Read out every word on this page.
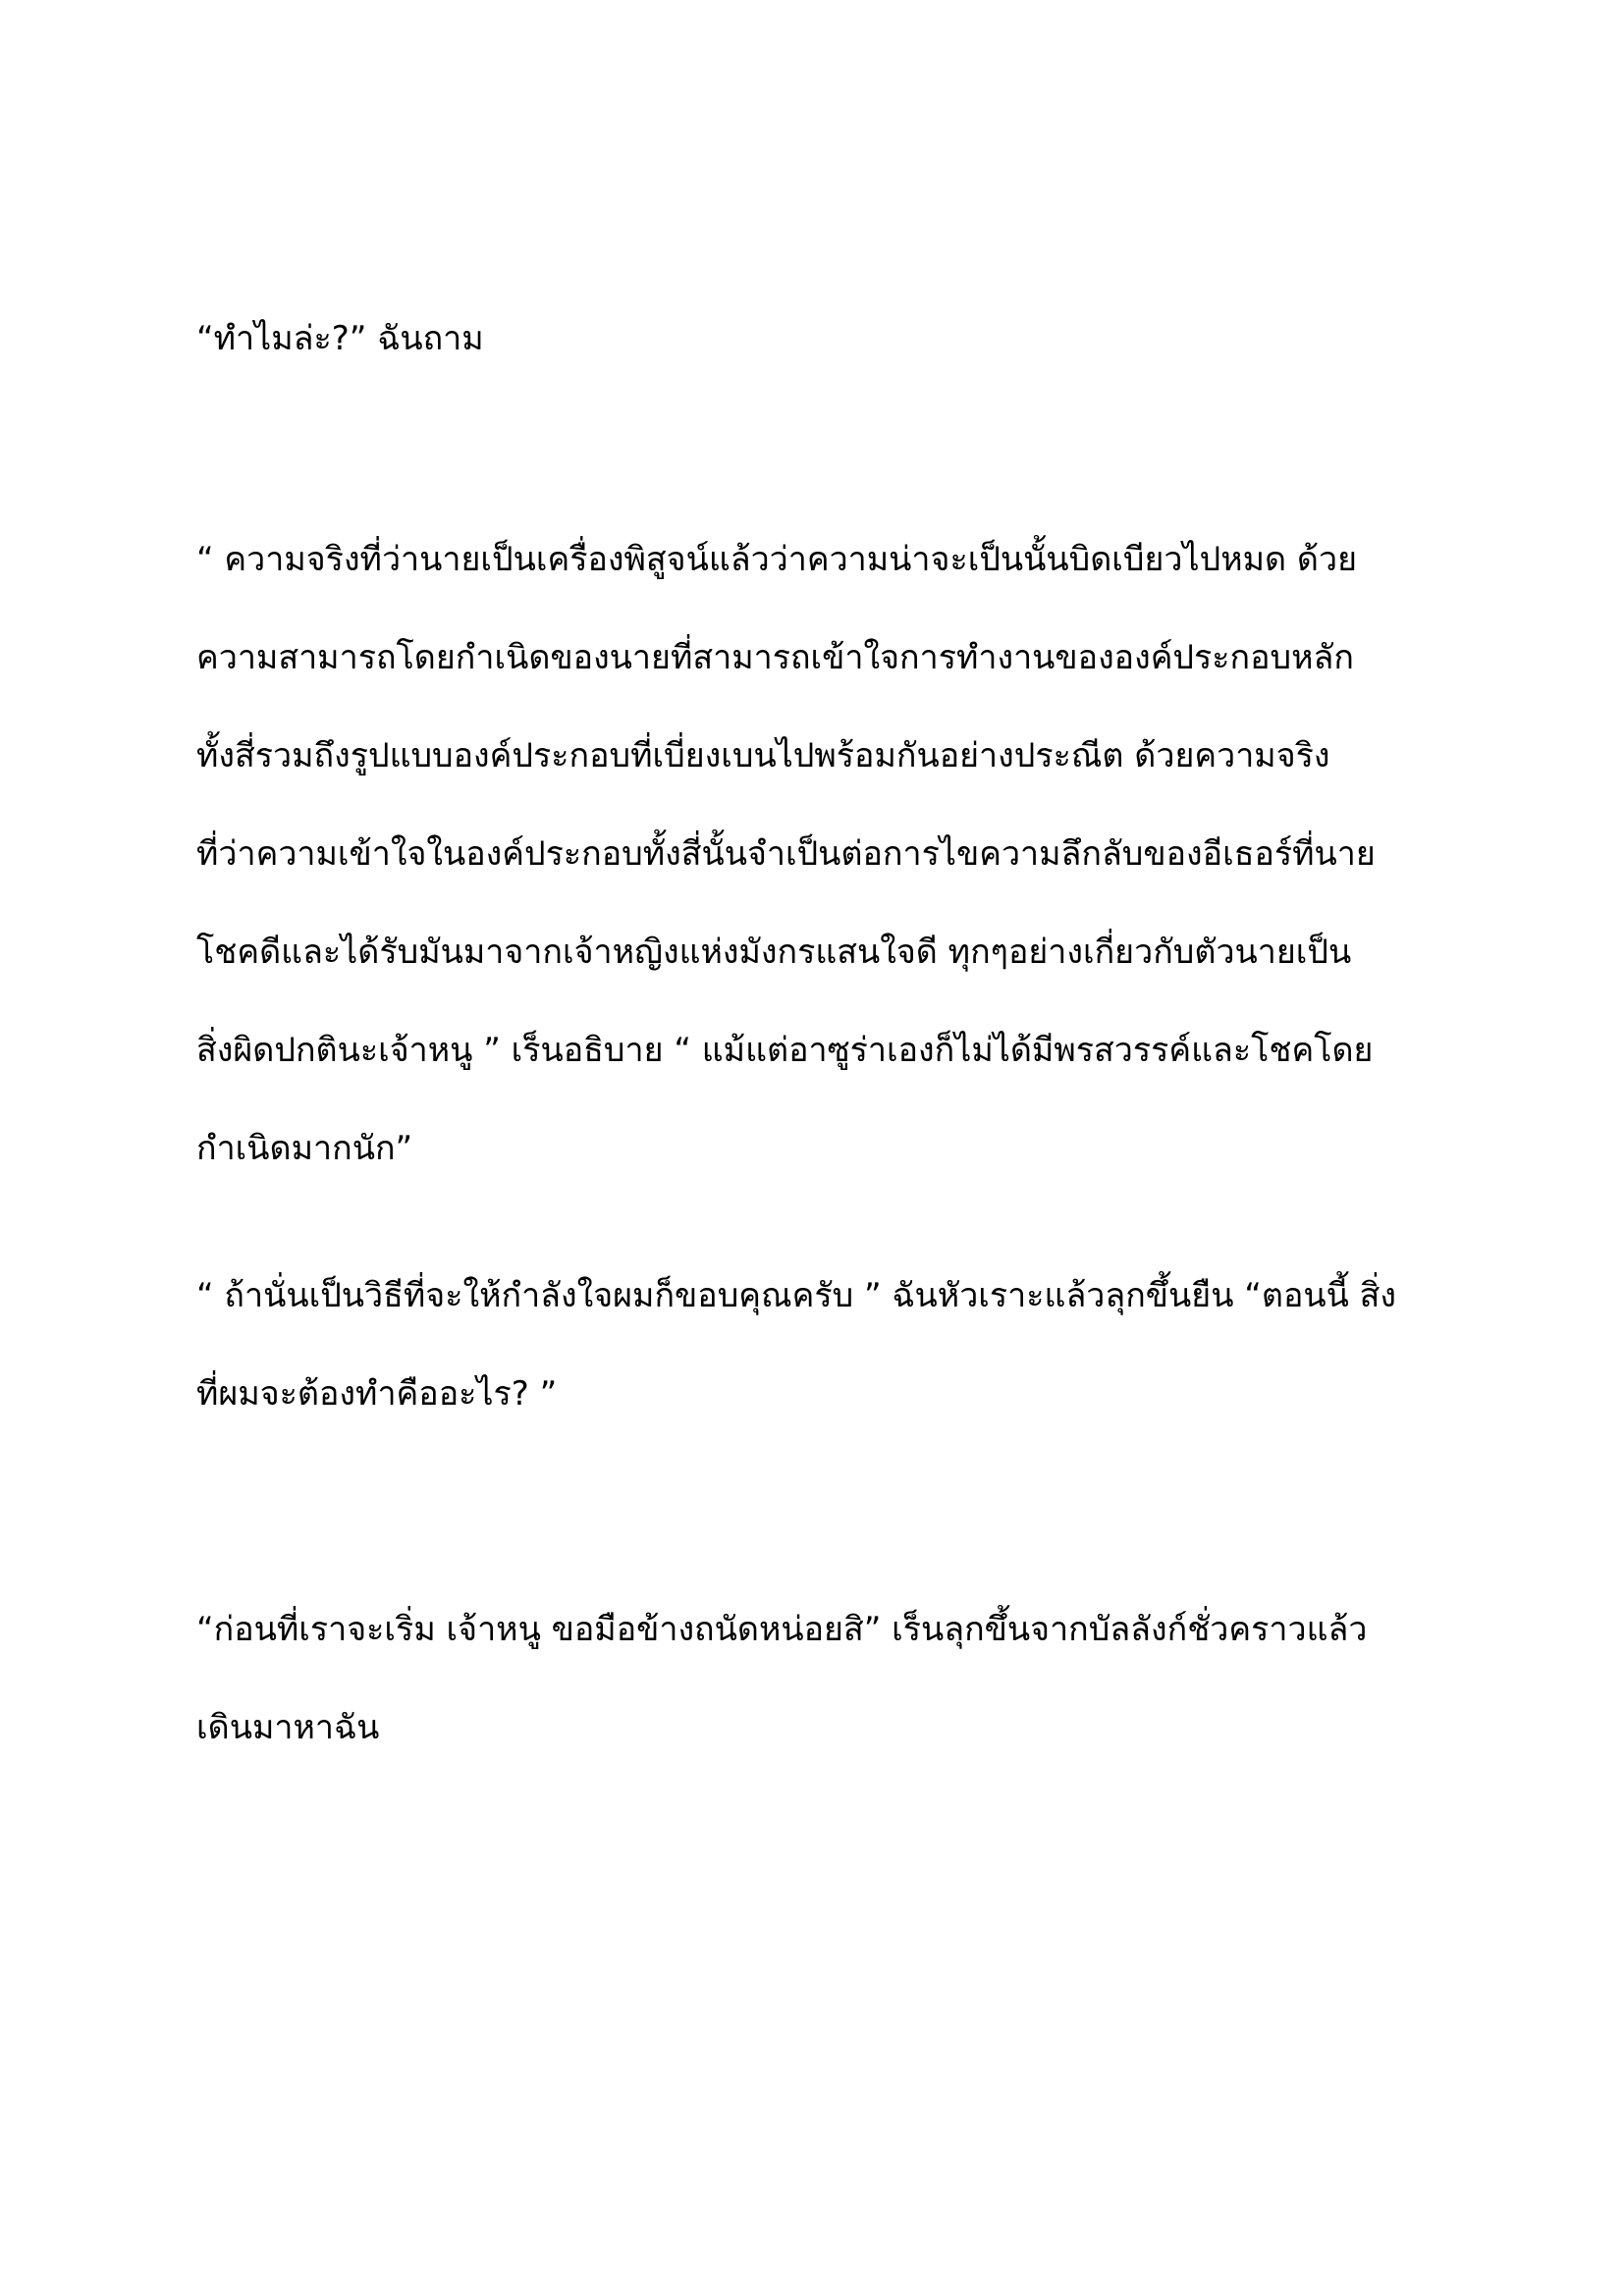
“ทำไมล่ะ?” ฉันถาม

“ ความจริงที่ว่านายเป็นเครื่องพิสูจน์แล้วว่าความน่าจะเป็นนั้นบิดเบียวไปหมด ด้วย
ความสามารถโดยกำเนิดของนายที่สามารถเข้าใจการทำงานขององค์ประกอบหลัก
ทั้งสี่รวมถึงรูปแบบองค์ประกอบที่เบี่ยงเบนไปพร้อมกันอย่างประณีต ด้วยความจริง
ที่ว่าความเข้าใจในองค์ประกอบทั้งสี่นั้นจำเป็นต่อการไขความลึกลับของอีเธอร์ที่นาย
โชคดีและได้รับมันมาจากเจ้าหญิงแห่งมังกรแสนใจดี ทุกๆอย่างเกี่ยวกับตัวนายเป็น
สิ่งผิดปกตินะเจ้าหนู ” เร็นอธิบาย “ แม้แต่อาซูร่าเองก็ไม่ได้มีพรสวรรค์และโชคโดย
กำเนิดมากนัก”

“ ถ้านั่นเป็นวิธีที่จะให้กำลังใจผมก็ขอบคุณครับ ” ฉันหัวเราะแล้วลุกขึ้นยืน “ตอนนี้ สิ่ง
ที่ผมจะต้องทำคืออะไร? ”

“ก่อนที่เราจะเริ่ม เจ้าหนู ขอมือข้างถนัดหน่อยสิ” เร็นลุกขึ้นจากบัลลังก์ชั่วคราวแล้ว
เดินมาหาฉัน
